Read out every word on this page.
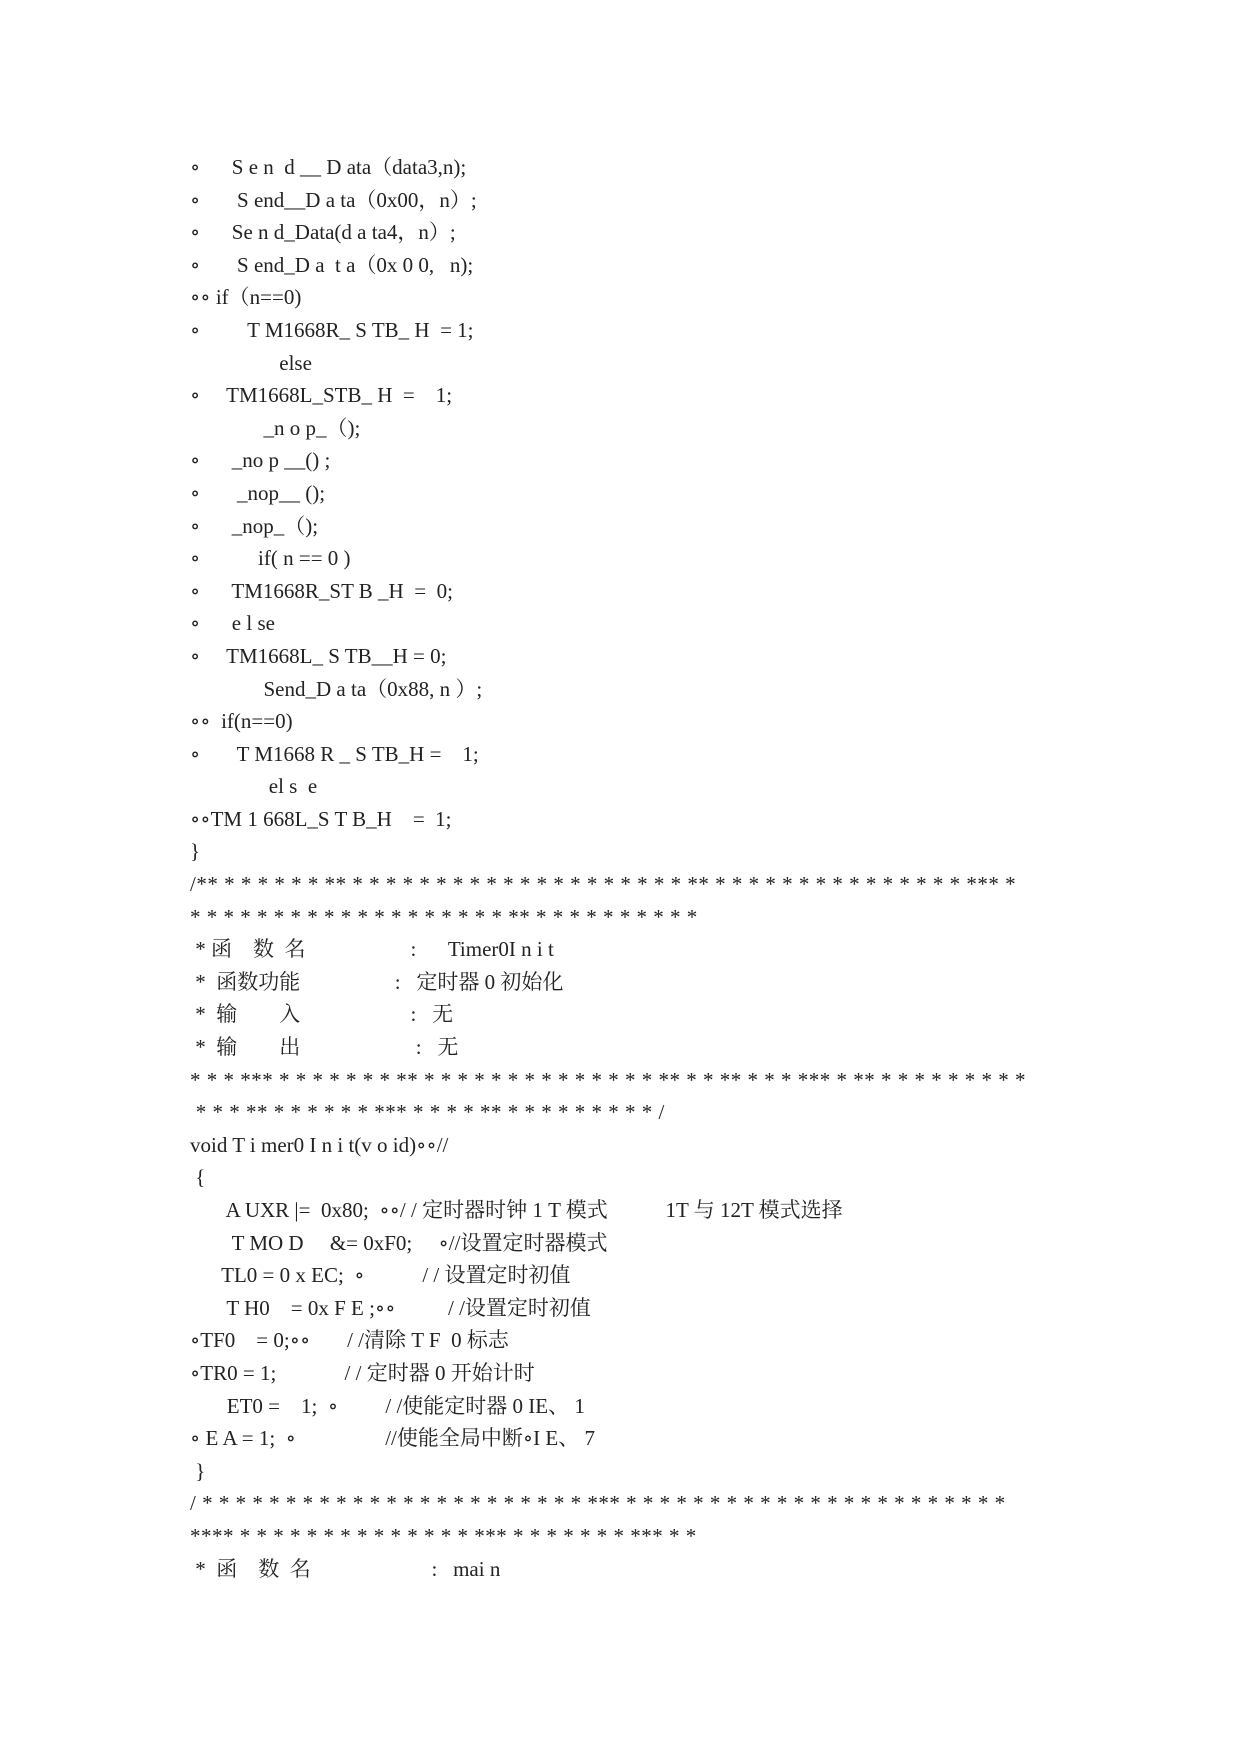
∘      S e n  d __ D ata（data3,n);
∘       S end__D a ta（0x00，n）;
∘      Se n d_Data(d a ta4，n）;
∘       S end_D a  t a（0x 0 0,   n);
∘∘ if（n==0)
∘         T M1668R_ S TB_ H  = 1;
else
∘     TM1668L_STB_ H  =    1;
_n o p_（);
∘      _no p __() ;
∘       _nop__ ();
∘      _nop_（);
∘           if( n == 0 )
∘      TM1668R_ST B _H  =  0;
∘      e l se
∘     TM1668L_ S TB__H = 0;
Send_D a ta（0x88, n ）;
∘∘  if(n==0)
∘       T M1668 R _ S TB_H =    1;
el s  e
∘∘TM 1 668L_S T B_H    =  1;
}
/** * * * * * * ** * * * * * * * * * * * * * * * * * * * * ** * * * * * * * * * * * * * * * *** *
* * * * * * * * * * * * * * * * * * * ** * * * * * * * * * *
* 函    数  名                    :      Timer0I n i t
*  函数功能                  :   定时器 0 初始化
*  输        入                     :   无
*  输        出                      :   无
* * * *** * * * * * * * ** * * * * * * * * * * * * * * ** * * ** * * * *** * ** * * * * * * * * *
* * * ** * * * * * * *** * * * * ** * * * * * * * * * /
void T i mer0 I n i t(v o id)∘∘//
{
A UXR |=  0x80;  ∘∘/ / 定时器时钟 1 T 模式           1T 与 12T 模式选择
T MO D     &= 0xF0;     ∘//设置定时器模式
TL0 = 0 x EC;  ∘           / / 设置定时初值
T H0    = 0x F E ;∘∘          / /设置定时初值
∘TF0    = 0;∘∘       / /清除 T F  0 标志
∘TR0 = 1;             / / 定时器 0 开始计时
ET0 =    1;  ∘         / /使能定时器 0 IE、 1
∘ E A = 1;  ∘                 //使能全局中断∘I E、 7
}
/ * * * * * * * * * * * * * * * * * * * * * * * *** * * * * * * * * * * * * * * * * * * * * * * *
**** * * * * * * * * * * * * * * *** * * * * * * * *** * *
*  函    数  名                       :   mai n
